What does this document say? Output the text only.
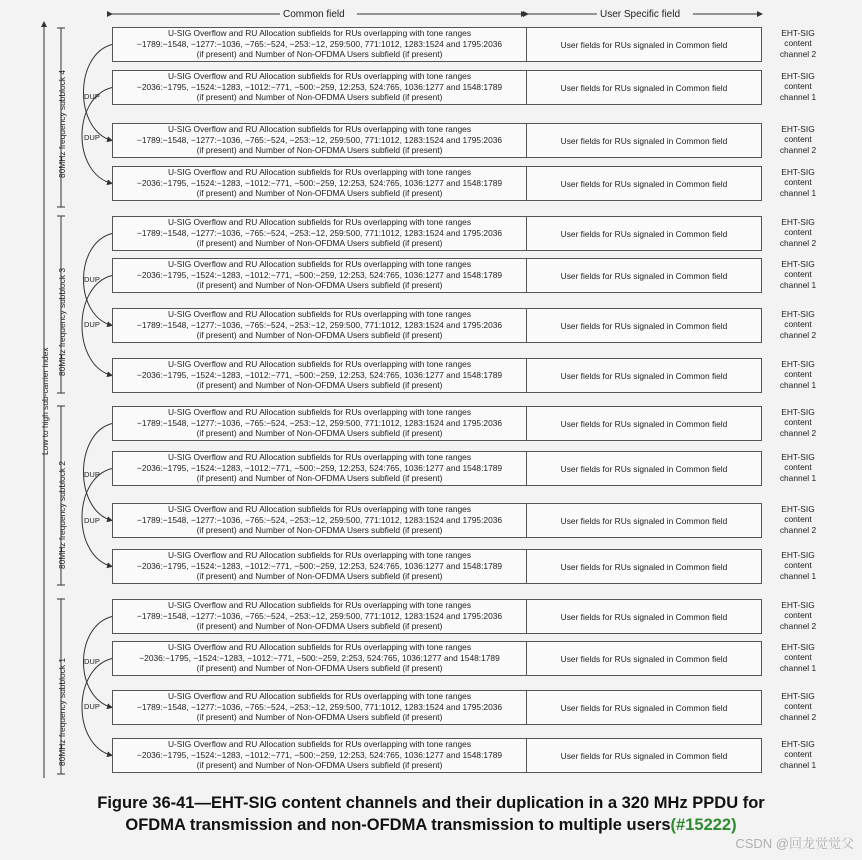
Common field	User Specific field
Low to high sub-carrier index
80MHz frequency subblock 4
80MHz frequency subblock 3
80MHz frequency subblock 2
80MHz frequency subblock 1
DUP
DUP
DUP
DUP
DUP
DUP
DUP
DUP
U-SIG Overflow and RU Allocation subfields for RUs overlapping with tone ranges
−1789:−1548, −1277:−1036, −765:−524, −253:−12, 259:500, 771:1012, 1283:1524 and 1795:2036
(if present) and Number of Non-OFDMA Users subfield (if present)
User fields for RUs signaled in Common field
EHT-SIG
content
channel 2
U-SIG Overflow and RU Allocation subfields for RUs overlapping with tone ranges
−2036:−1795, −1524:−1283, −1012:−771, −500:−259, 12:253, 524:765, 1036:1277 and 1548:1789
(if present) and Number of Non-OFDMA Users subfield (if present)
User fields for RUs signaled in Common field
EHT-SIG
content
channel 1
U-SIG Overflow and RU Allocation subfields for RUs overlapping with tone ranges
−1789:−1548, −1277:−1036, −765:−524, −253:−12, 259:500, 771:1012, 1283:1524 and 1795:2036
(if present) and Number of Non-OFDMA Users subfield (if present)
User fields for RUs signaled in Common field
EHT-SIG
content
channel 2
U-SIG Overflow and RU Allocation subfields for RUs overlapping with tone ranges
−2036:−1795, −1524:−1283, −1012:−771, −500:−259, 12:253, 524:765, 1036:1277 and 1548:1789
(if present) and Number of Non-OFDMA Users subfield (if present)
User fields for RUs signaled in Common field
EHT-SIG
content
channel 1
U-SIG Overflow and RU Allocation subfields for RUs overlapping with tone ranges
−1789:−1548, −1277:−1036, −765:−524, −253:−12, 259:500, 771:1012, 1283:1524 and 1795:2036
(if present) and Number of Non-OFDMA Users subfield (if present)
User fields for RUs signaled in Common field
EHT-SIG
content
channel 2
U-SIG Overflow and RU Allocation subfields for RUs overlapping with tone ranges
−2036:−1795, −1524:−1283, −1012:−771, −500:−259, 12:253, 524:765, 1036:1277 and 1548:1789
(if present) and Number of Non-OFDMA Users subfield (if present)
User fields for RUs signaled in Common field
EHT-SIG
content
channel 1
U-SIG Overflow and RU Allocation subfields for RUs overlapping with tone ranges
−1789:−1548, −1277:−1036, −765:−524, −253:−12, 259:500, 771:1012, 1283:1524 and 1795:2036
(if present) and Number of Non-OFDMA Users subfield (if present)
User fields for RUs signaled in Common field
EHT-SIG
content
channel 2
U-SIG Overflow and RU Allocation subfields for RUs overlapping with tone ranges
−2036:−1795, −1524:−1283, −1012:−771, −500:−259, 12:253, 524:765, 1036:1277 and 1548:1789
(if present) and Number of Non-OFDMA Users subfield (if present)
User fields for RUs signaled in Common field
EHT-SIG
content
channel 1
U-SIG Overflow and RU Allocation subfields for RUs overlapping with tone ranges
−1789:−1548, −1277:−1036, −765:−524, −253:−12, 259:500, 771:1012, 1283:1524 and 1795:2036
(if present) and Number of Non-OFDMA Users subfield (if present)
User fields for RUs signaled in Common field
EHT-SIG
content
channel 2
U-SIG Overflow and RU Allocation subfields for RUs overlapping with tone ranges
−2036:−1795, −1524:−1283, −1012:−771, −500:−259, 12:253, 524:765, 1036:1277 and 1548:1789
(if present) and Number of Non-OFDMA Users subfield (if present)
User fields for RUs signaled in Common field
EHT-SIG
content
channel 1
U-SIG Overflow and RU Allocation subfields for RUs overlapping with tone ranges
−1789:−1548, −1277:−1036, −765:−524, −253:−12, 259:500, 771:1012, 1283:1524 and 1795:2036
(if present) and Number of Non-OFDMA Users subfield (if present)
User fields for RUs signaled in Common field
EHT-SIG
content
channel 2
U-SIG Overflow and RU Allocation subfields for RUs overlapping with tone ranges
−2036:−1795, −1524:−1283, −1012:−771, −500:−259, 12:253, 524:765, 1036:1277 and 1548:1789
(if present) and Number of Non-OFDMA Users subfield (if present)
User fields for RUs signaled in Common field
EHT-SIG
content
channel 1
U-SIG Overflow and RU Allocation subfields for RUs overlapping with tone ranges
−1789:−1548, −1277:−1036, −765:−524, −253:−12, 259:500, 771:1012, 1283:1524 and 1795:2036
(if present) and Number of Non-OFDMA Users subfield (if present)
User fields for RUs signaled in Common field
EHT-SIG
content
channel 2
U-SIG Overflow and RU Allocation subfields for RUs overlapping with tone ranges
−2036:−1795, −1524:−1283, −1012:−771, −500:−259, 2:253, 524:765, 1036:1277 and 1548:1789
(if present) and Number of Non-OFDMA Users subfield (if present)
User fields for RUs signaled in Common field
EHT-SIG
content
channel 1
U-SIG Overflow and RU Allocation subfields for RUs overlapping with tone ranges
−1789:−1548, −1277:−1036, −765:−524, −253:−12, 259:500, 771:1012, 1283:1524 and 1795:2036
(if present) and Number of Non-OFDMA Users subfield (if present)
User fields for RUs signaled in Common field
EHT-SIG
content
channel 2
U-SIG Overflow and RU Allocation subfields for RUs overlapping with tone ranges
−2036:−1795, −1524:−1283, −1012:−771, −500:−259, 12:253, 524:765, 1036:1277 and 1548:1789
(if present) and Number of Non-OFDMA Users subfield (if present)
User fields for RUs signaled in Common field
EHT-SIG
content
channel 1
Figure 36-41—EHT-SIG content channels and their duplication in a 320 MHz PPDU for
OFDMA transmission and non-OFDMA transmission to multiple users(#15222)
CSDN @回龙觉觉父
